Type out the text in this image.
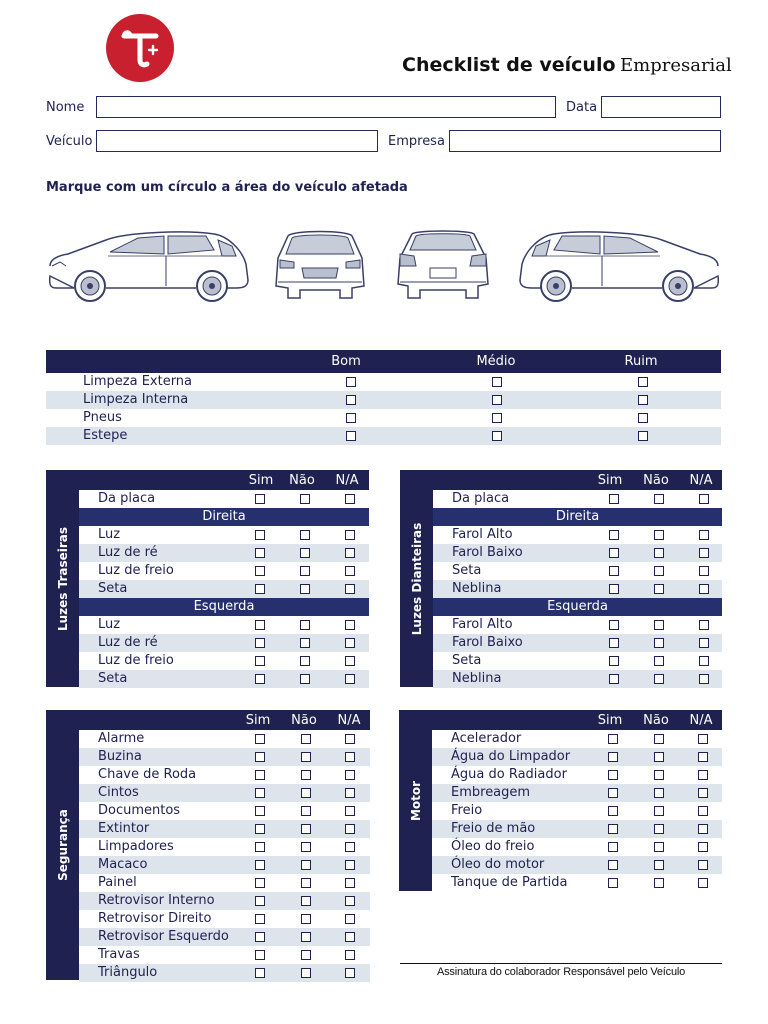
Checklist de veículo Empresarial
Nome	Data
Veículo	Empresa
Marque com um círculo a área do veículo afetada
Bom	Médio	Ruim
Limpeza Externa
Limpeza Interna
Pneus
Estepe
Luzes Traseiras
Sim	Não	N/A
Da placa
Direita
Luz
Luz de ré
Luz de freio
Seta
Esquerda
Luz
Luz de ré
Luz de freio
Seta
Luzes Dianteiras
Sim	Não	N/A
Da placa
Direita
Farol Alto
Farol Baixo
Seta
Neblina
Esquerda
Farol Alto
Farol Baixo
Seta
Neblina
Segurança
Sim	Não	N/A
Alarme
Buzina
Chave de Roda
Cintos
Documentos
Extintor
Limpadores
Macaco
Painel
Retrovisor Interno
Retrovisor Direito
Retrovisor Esquerdo
Travas
Triângulo
Motor
Sim	Não	N/A
Acelerador
Água do Limpador
Água do Radiador
Embreagem
Freio
Freio de mão
Óleo do freio
Óleo do motor
Tanque de Partida
Assinatura do colaborador Responsável pelo Veículo
